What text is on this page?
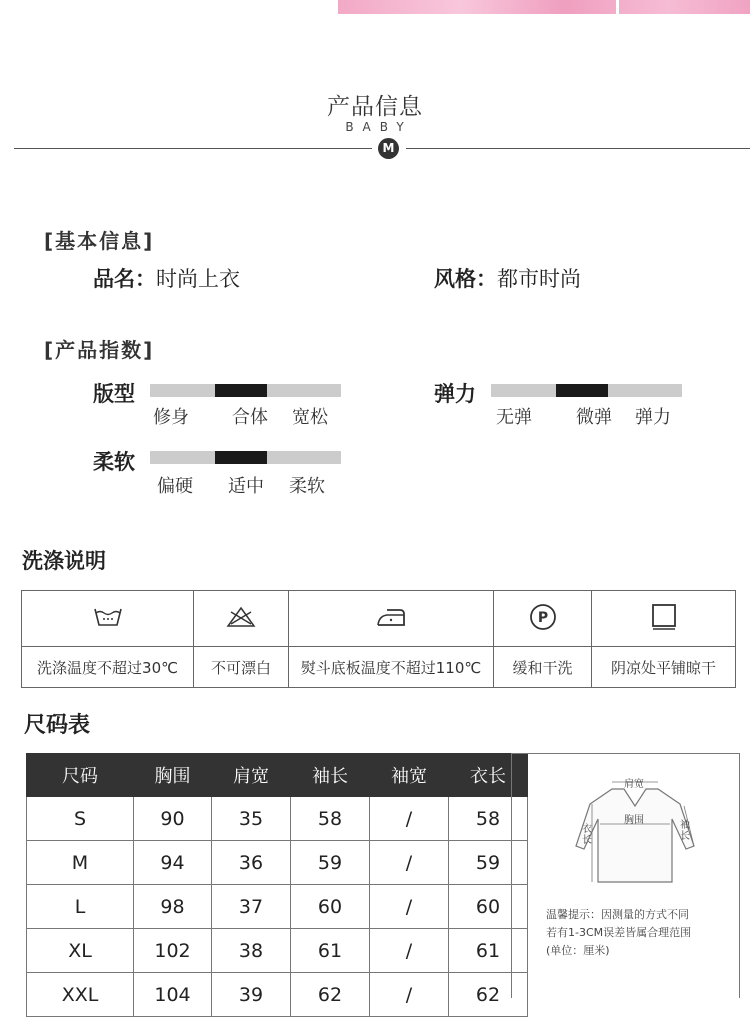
产品信息
BABY
M
[基本信息]
品名：时尚上衣	风格：都市时尚
[产品指数]
版型
修身 合体 宽松
弹力
无弹 微弹 弹力
柔软
偏硬 适中 柔软
洗涤说明

P

洗涤温度不超过30℃	不可漂白	熨斗底板温度不超过110℃	缓和干洗	阴凉处平铺晾干
尺码表
尺码	胸围	肩宽	袖长	袖宽	衣长
S	90	35	58	/	58
M	94	36	59	/	59
L	98	37	60	/	60
XL	102	38	61	/	61
XXL	104	39	62	/	62
肩宽
胸围
衣长
袖长
温馨提示：因测量的方式不同
若有1-3CM误差皆属合理范围
(单位：厘米)
